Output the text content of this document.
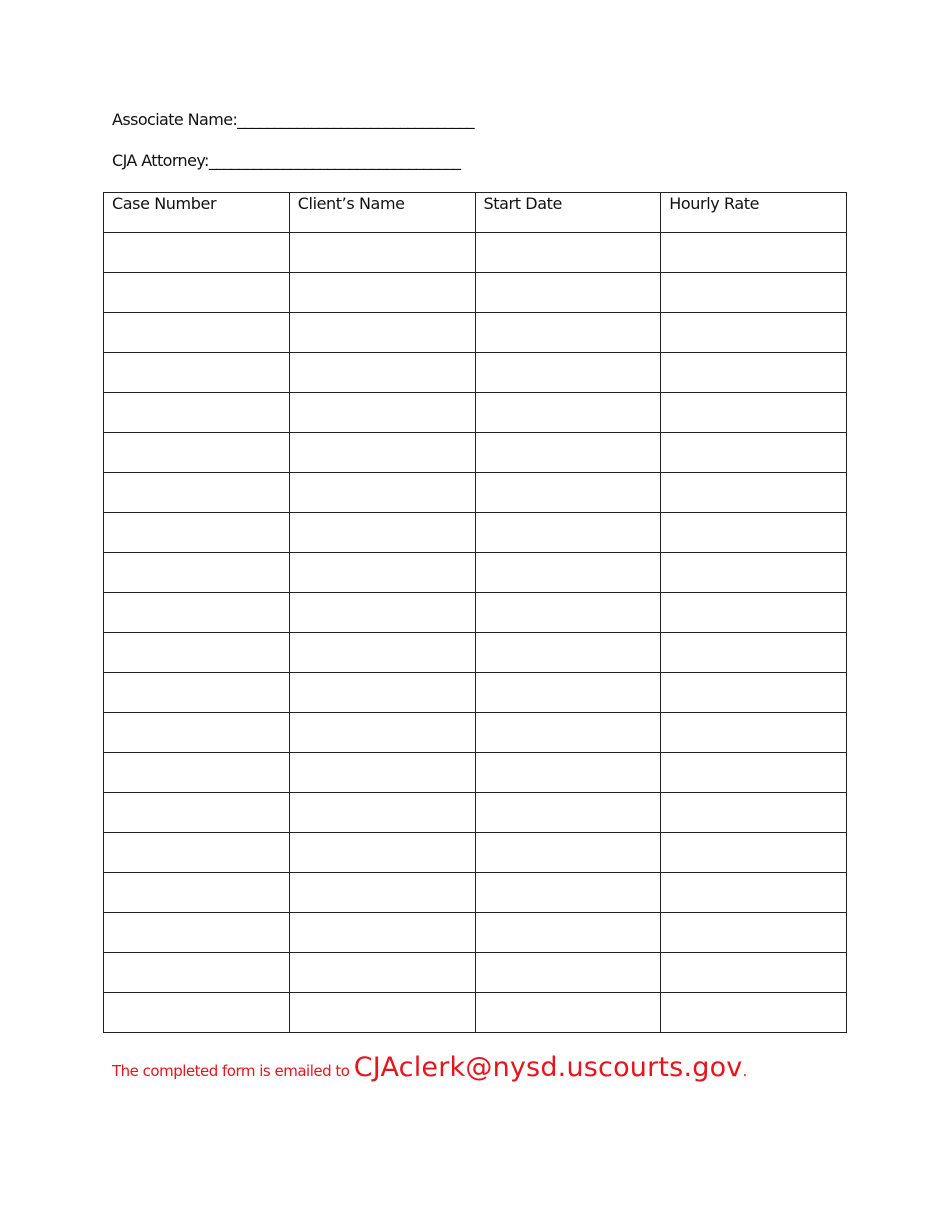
Associate Name:________________________________
CJA Attorney:__________________________________
Case Number	Client’s Name	Start Date	Hourly Rate

The completed form is emailed to CJAclerk@nysd.uscourts.gov.
